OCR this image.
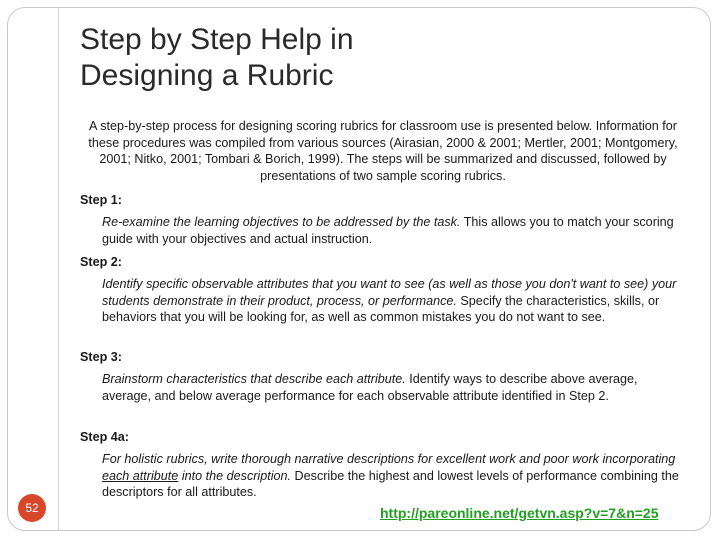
Step by Step Help in
Designing a Rubric

A step-by-step process for designing scoring rubrics for classroom use is presented below. Information for these procedures was compiled from various sources (Airasian, 2000 & 2001; Mertler, 2001; Montgomery, 2001; Nitko, 2001; Tombari & Borich, 1999). The steps will be summarized and discussed, followed by presentations of two sample scoring rubrics.

Step 1:

Re-examine the learning objectives to be addressed by the task. This allows you to match your scoring guide with your objectives and actual instruction.

Step 2:

Identify specific observable attributes that you want to see (as well as those you don't want to see) your students demonstrate in their product, process, or performance. Specify the characteristics, skills, or behaviors that you will be looking for, as well as common mistakes you do not want to see.

Step 3:

Brainstorm characteristics that describe each attribute. Identify ways to describe above average, average, and below average performance for each observable attribute identified in Step 2.

Step 4a:

For holistic rubrics, write thorough narrative descriptions for excellent work and poor work incorporating each attribute into the description. Describe the highest and lowest levels of performance combining the descriptors for all attributes.

52	http://pareonline.net/getvn.asp?v=7&n=25
